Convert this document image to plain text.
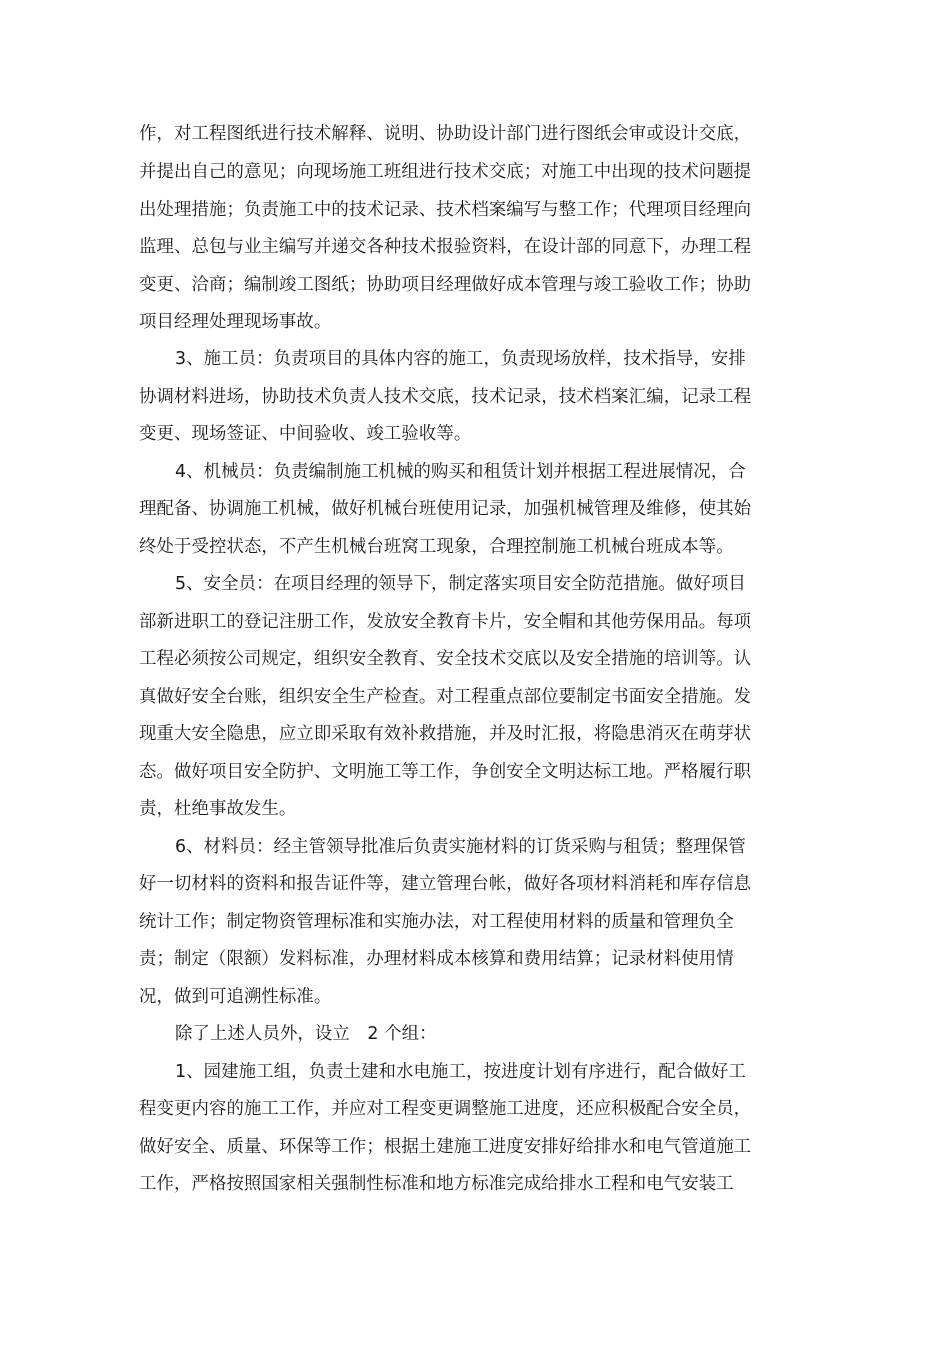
作，对工程图纸进行技术解释、说明、协助设计部门进行图纸会审或设计交底，
并提出自己的意见；向现场施工班组进行技术交底；对施工中出现的技术问题提
出处理措施；负责施工中的技术记录、技术档案编写与整工作；代理项目经理向
监理、总包与业主编写并递交各种技术报验资料，在设计部的同意下，办理工程
变更、洽商；编制竣工图纸；协助项目经理做好成本管理与竣工验收工作；协助
项目经理处理现场事故。
3、施工员：负责项目的具体内容的施工，负责现场放样，技术指导，安排
协调材料进场，协助技术负责人技术交底，技术记录，技术档案汇编，记录工程
变更、现场签证、中间验收、竣工验收等。
4、机械员：负责编制施工机械的购买和租赁计划并根据工程进展情况，合
理配备、协调施工机械，做好机械台班使用记录，加强机械管理及维修，使其始
终处于受控状态，不产生机械台班窝工现象，合理控制施工机械台班成本等。
5、安全员：在项目经理的领导下，制定落实项目安全防范措施。做好项目
部新进职工的登记注册工作，发放安全教育卡片，安全帽和其他劳保用品。每项
工程必须按公司规定，组织安全教育、安全技术交底以及安全措施的培训等。认
真做好安全台账，组织安全生产检查。对工程重点部位要制定书面安全措施。发
现重大安全隐患，应立即采取有效补救措施，并及时汇报，将隐患消灭在萌芽状
态。做好项目安全防护、文明施工等工作，争创安全文明达标工地。严格履行职
责，杜绝事故发生。
6、材料员：经主管领导批准后负责实施材料的订货采购与租赁；整理保管
好一切材料的资料和报告证件等，建立管理台帐，做好各项材料消耗和库存信息
统计工作；制定物资管理标准和实施办法，对工程使用材料的质量和管理负全
责；制定（限额）发料标准，办理材料成本核算和费用结算；记录材料使用情
况，做到可追溯性标准。
除了上述人员外，设立　2 个组：
1、园建施工组，负责土建和水电施工，按进度计划有序进行，配合做好工
程变更内容的施工工作，并应对工程变更调整施工进度，还应积极配合安全员，
做好安全、质量、环保等工作；根据土建施工进度安排好给排水和电气管道施工
工作，严格按照国家相关强制性标准和地方标准完成给排水工程和电气安装工
